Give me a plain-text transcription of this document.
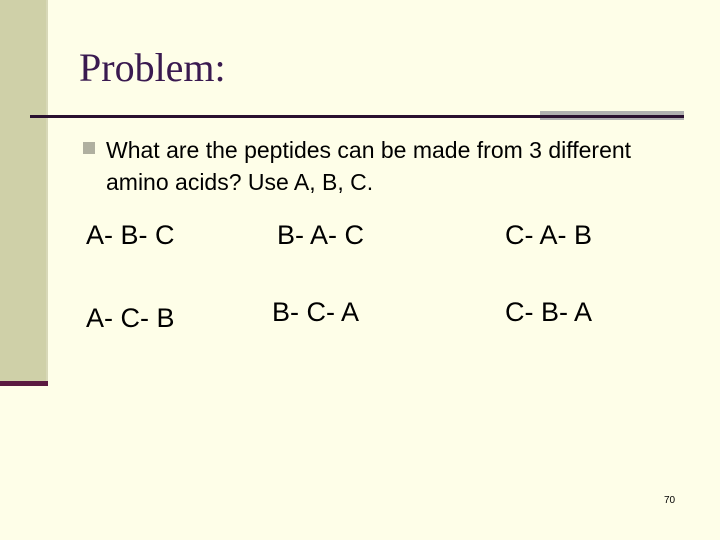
Problem:
What are the peptides can be made from 3 different amino acids? Use A, B, C.
A- B- C	B- A- C	C- A- B
A- C- B	B- C- A	C- B- A
70
